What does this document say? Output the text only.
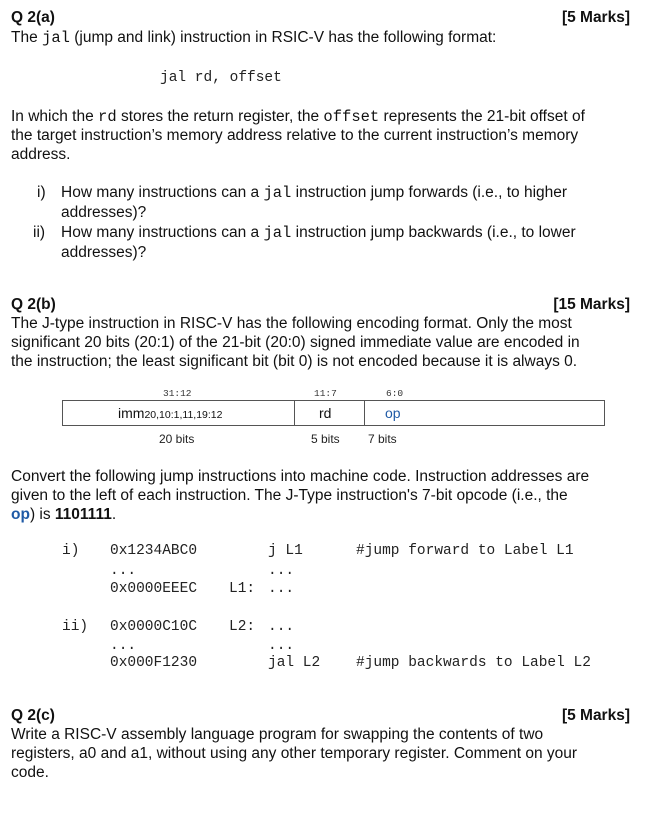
Q 2(a)	[5 Marks]
The jal (jump and link) instruction in RSIC-V has the following format:
jal rd, offset
In which the rd stores the return register, the offset represents the 21-bit offset of
the target instruction’s memory address relative to the current instruction’s memory
address.
i) How many instructions can a jal instruction jump forwards (i.e., to higher
addresses)?
ii) How many instructions can a jal instruction jump backwards (i.e., to lower
addresses)?
Q 2(b)	[15 Marks]
The J-type instruction in RISC-V has the following encoding format. Only the most
significant 20 bits (20:1) of the 21-bit (20:0) signed immediate value are encoded in
the instruction; the least significant bit (bit 0) is not encoded because it is always 0.
31:12	11:7	6:0
imm20,10:1,11,19:12	rd	op
20 bits	5 bits 7 bits
Convert the following jump instructions into machine code. Instruction addresses are
given to the left of each instruction. The J-Type instruction's 7-bit opcode (i.e., the
op) is 1101111.
i) 0x1234ABC0	j L1	#jump forward to Label L1
...	...
0x0000EEEC L1: ...
ii) 0x0000C10C L2: ...
...	...
0x000F1230	jal L2 #jump backwards to Label L2
Q 2(c)	[5 Marks]
Write a RISC-V assembly language program for swapping the contents of two
registers, a0 and a1, without using any other temporary register. Comment on your
code.
